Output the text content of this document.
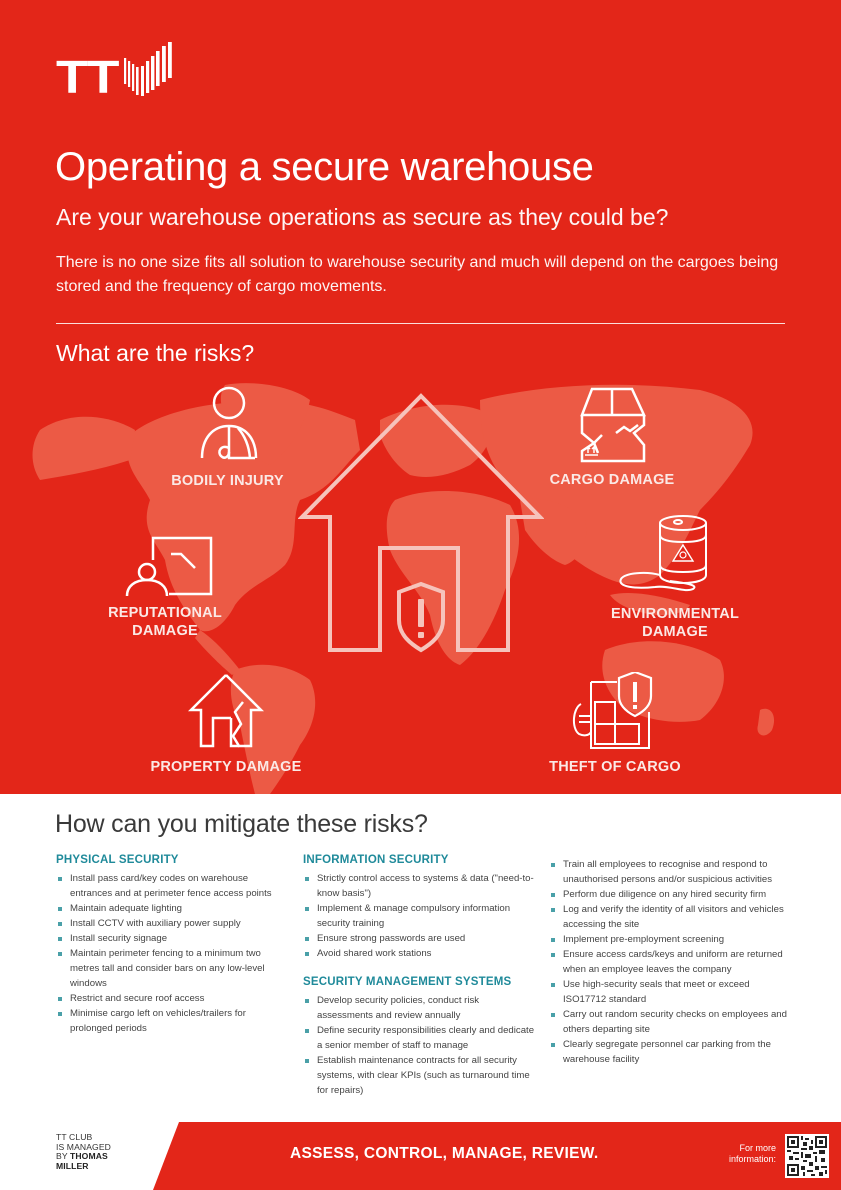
TT
Operating a secure warehouse
Are your warehouse operations as secure as they could be?

There is no one size fits all solution to warehouse security and much will depend on the cargoes being stored and the frequency of cargo movements.

What are the risks?
BODILY INJURY	CARGO DAMAGE
REPUTATIONAL
DAMAGE
ENVIRONMENTAL
DAMAGE
PROPERTY DAMAGE	THEFT OF CARGO
How can you mitigate these risks?
PHYSICAL SECURITY
Install pass card/key codes on warehouse entrances and at perimeter fence access points
Maintain adequate lighting
Install CCTV with auxiliary power supply
Install security signage
Maintain perimeter fencing to a minimum two metres tall and consider bars on any low-level windows
Restrict and secure roof access
Minimise cargo left on vehicles/trailers for prolonged periods
INFORMATION SECURITY
Strictly control access to systems & data ("need-to-know basis")
Implement & manage compulsory information security training
Ensure strong passwords are used
Avoid shared work stations
SECURITY MANAGEMENT SYSTEMS
Develop security policies, conduct risk assessments and review annually
Define security responsibilities clearly and dedicate a senior member of staff to manage
Establish maintenance contracts for all security systems, with clear KPIs (such as turnaround time for repairs)
Train all employees to recognise and respond to unauthorised persons and/or suspicious activities
Perform due diligence on any hired security firm
Log and verify the identity of all visitors and vehicles accessing the site
Implement pre-employment screening
Ensure access cards/keys and uniform are returned when an employee leaves the company
Use high-security seals that meet or exceed ISO17712 standard
Carry out random security checks on employees and others departing site
Clearly segregate personnel car parking from the warehouse facility
TT CLUB
IS MANAGED
BY THOMAS
MILLER
ASSESS, CONTROL, MANAGE, REVIEW.	For more
information:
